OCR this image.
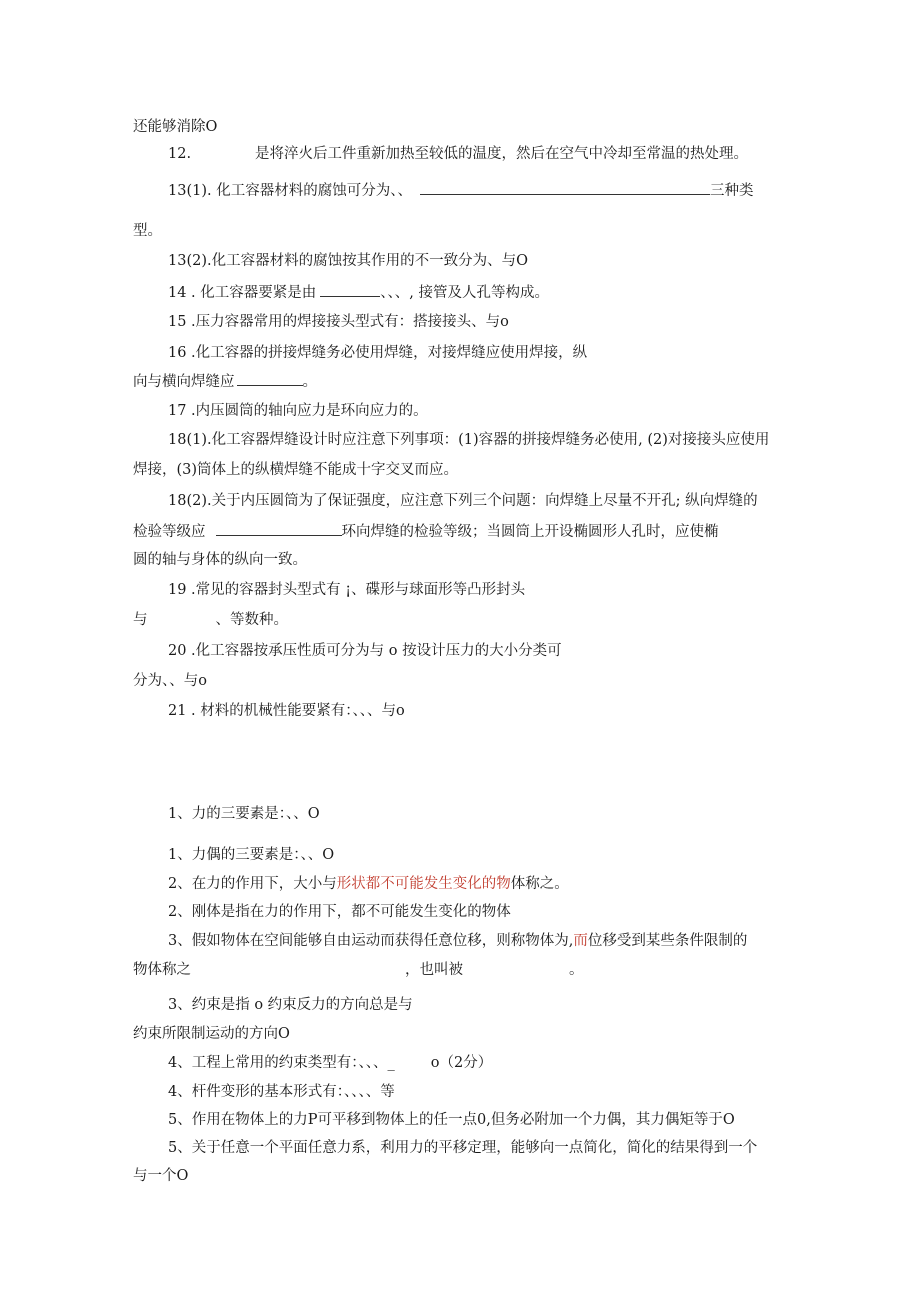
还能够消除O
12.	是将淬火后工件重新加热至较低的温度，然后在空气中冷却至常温的热处理。
13(1). 化工容器材料的腐蚀可分为、、	三种类
型。
13(2).化工容器材料的腐蚀按其作用的不一致分为、与O
14 . 化工容器要紧是由	、、、, 接管及人孔等构成。
15 .压力容器常用的焊接接头型式有：搭接接头、与o
16 .化工容器的拼接焊缝务必使用焊缝，对接焊缝应使用焊接，纵
向与横向焊缝应	。
17 .内压圆筒的轴向应力是环向应力的。
18(1).化工容器焊缝设计时应注意下列事项：(1)容器的拼接焊缝务必使用, (2)对接接头应使用
焊接，(3)筒体上的纵横焊缝不能成十字交叉而应。
18(2).关于内压圆筒为了保证强度，应注意下列三个问题：向焊缝上尽量不开孔; 纵向焊缝的
检验等级应	环向焊缝的检验等级；当圆筒上开设椭圆形人孔时，应使椭
圆的轴与身体的纵向一致。
19 .常见的容器封头型式有 ¡、碟形与球面形等凸形封头
与	、等数种。
20 .化工容器按承压性质可分为与 o 按设计压力的大小分类可
分为、、与o
21 . 材料的机械性能要紧有：、、、与o
1、力的三要素是：、、O
1、力偶的三要素是：、、O
2、在力的作用下，大小与形状都不可能发生变化的物体称之。
2、刚体是指在力的作用下，都不可能发生变化的物体
3、假如物体在空间能够自由运动而获得任意位移，则称物体为,而位移受到某些条件限制的
物体称之	，也叫被	。
3、约束是指 o 约束反力的方向总是与
约束所限制运动的方向O
4、工程上常用的约束类型有：、、、_ o（2分）
4、杆件变形的基本形式有：、、、、等
5、作用在物体上的力P可平移到物体上的任一点0,但务必附加一个力偶，其力偶矩等于O
5、关于任意一个平面任意力系，利用力的平移定理，能够向一点简化，简化的结果得到一个
与一个O
